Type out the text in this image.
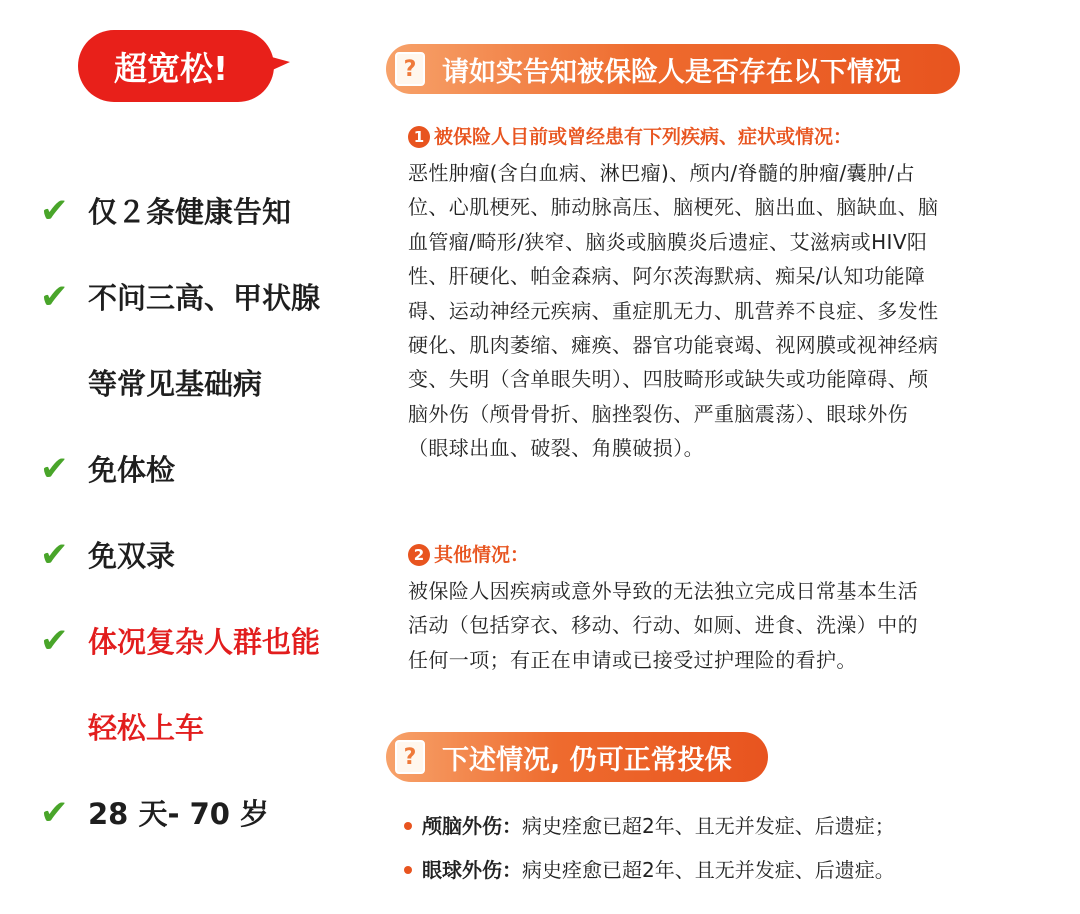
超宽松!
✔ 仅２条健康告知
✔ 不问三高、甲状腺
等常见基础病
✔ 免体检
✔ 免双录
✔ 体况复杂人群也能
轻松上车
✔ 28 天- 70 岁
? 请如实告知被保险人是否存在以下情况
1 被保险人目前或曾经患有下列疾病、症状或情况：
恶性肿瘤(含白血病、淋巴瘤)、颅内/脊髓的肿瘤/囊肿/占
位、心肌梗死、肺动脉高压、脑梗死、脑出血、脑缺血、脑
血管瘤/畸形/狭窄、脑炎或脑膜炎后遗症、艾滋病或HIV阳
性、肝硬化、帕金森病、阿尔茨海默病、痴呆/认知功能障
碍、运动神经元疾病、重症肌无力、肌营养不良症、多发性
硬化、肌肉萎缩、瘫痪、器官功能衰竭、视网膜或视神经病
变、失明（含单眼失明）、四肢畸形或缺失或功能障碍、颅
脑外伤（颅骨骨折、脑挫裂伤、严重脑震荡）、眼球外伤
（眼球出血、破裂、角膜破损）。
2 其他情况：
被保险人因疾病或意外导致的无法独立完成日常基本生活
活动（包括穿衣、移动、行动、如厕、进食、洗澡）中的
任何一项；有正在申请或已接受过护理险的看护。
? 下述情况, 仍可正常投保
颅脑外伤：病史痊愈已超2年、且无并发症、后遗症；
眼球外伤：病史痊愈已超2年、且无并发症、后遗症。
